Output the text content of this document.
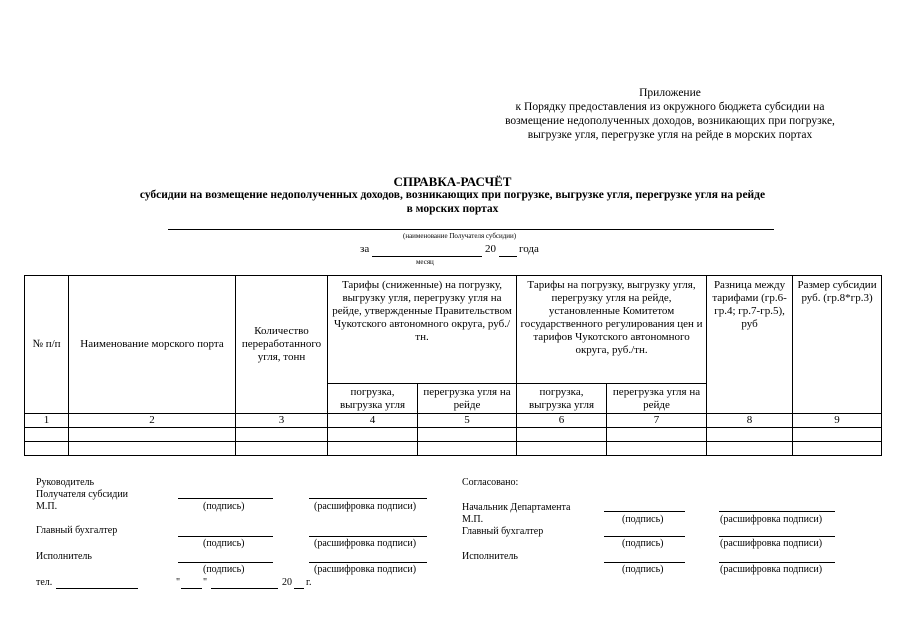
Приложение
к Порядку предоставления из окружного бюджета субсидии на
возмещение недополученных доходов, возникающих при погрузке,
выгрузке угля, перегрузке угля на рейде в морских портах
СПРАВКА-РАСЧЁТ
субсидии на возмещение недополученных доходов, возникающих при погрузке, выгрузке угля, перегрузке угля на рейде
в морских портах
(наименование Получателя субсидии)
за	20 года
месяц
№ п/п	Наименование морского порта	Количество переработанного угля, тонн	Тарифы (сниженные) на погрузку, выгрузку угля, перегрузку угля на рейде, утвержденные Правительством Чукотского автономного округа, руб./тн.		Тарифы на погрузку, выгрузку угля, перегрузку угля на рейде, установленные Комитетом государственного регулирования цен и тарифов Чукотского автономного округа, руб./тн.		Разница между тарифами (гр.6-гр.4; гр.7-гр.5), руб	Размер субсидии руб. (гр.8*гр.3)
			погрузка, выгрузка угля	перегрузка угля на рейде	погрузка, выгрузка угля	перегрузка угля на рейде		
1	2	3	4	5	6	7	8	9

Руководитель
Получателя субсидии
М.П.	(подпись)	(расшифровка подписи)
Главный бухгалтер
(подпись)	(расшифровка подписи)
Исполнитель
(подпись)	(расшифровка подписи)
тел.	" "	20 г.
Согласовано:
Начальник Департамента
М.П.	(подпись)	(расшифровка подписи)
Главный бухгалтер
(подпись)	(расшифровка подписи)
Исполнитель
(подпись)	(расшифровка подписи)
